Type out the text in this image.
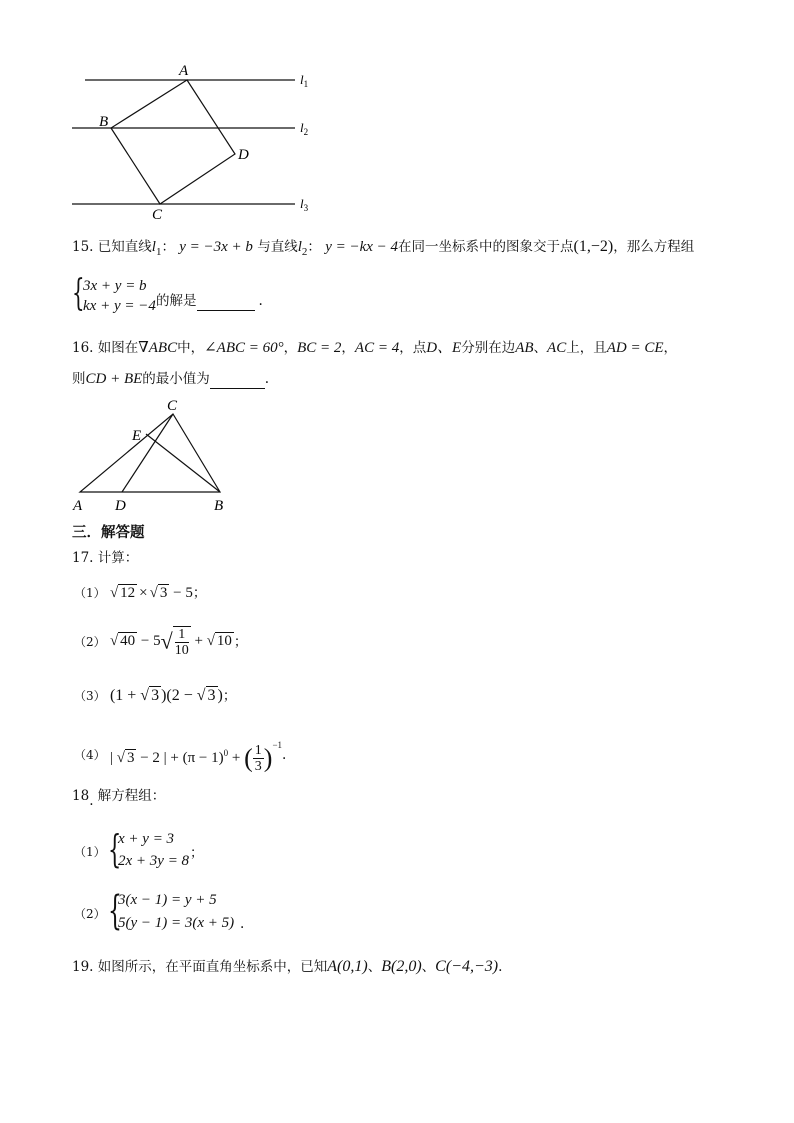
A
B
C
D
$l_1$
$l_2$
$l_3$
15. 已知直线$l_1$： y = −3x + b 与直线$l_2$： y = −kx − 4在同一坐标系中的图象交于点(1,−2)，那么方程组
{
3x + y = b
kx + y = −4 的解是	.
16. 如图在∇ABC中，∠ABC = 60°，BC = 2，AC = 4，点D、E分别在边AB、AC上，且AD = CE，
则CD + BE的最小值为	.
C
E
A D	B
三．解答题
17. 计算：
（1） √ 12 × √ 3 − 5；
（2） √ $40 - 5√ \frac{1}{10}$ + √ 10 ；
（3） (1 + √ 3 )(2 − √ 3 )；
（4） | √ 3 − 2 | + $(\pi - 1)^0$ + ( $\frac{1}{3} )^{-1}$.
18. 解方程组：
（1） {
x + y = 3
2x + 3y = 8 ；
（2） {
3(x − 1) = y + 5
5(y − 1) = 3(x + 5) .
19. 如图所示，在平面直角坐标系中，已知A(0,1)、B(2,0)、C(−4,−3).
